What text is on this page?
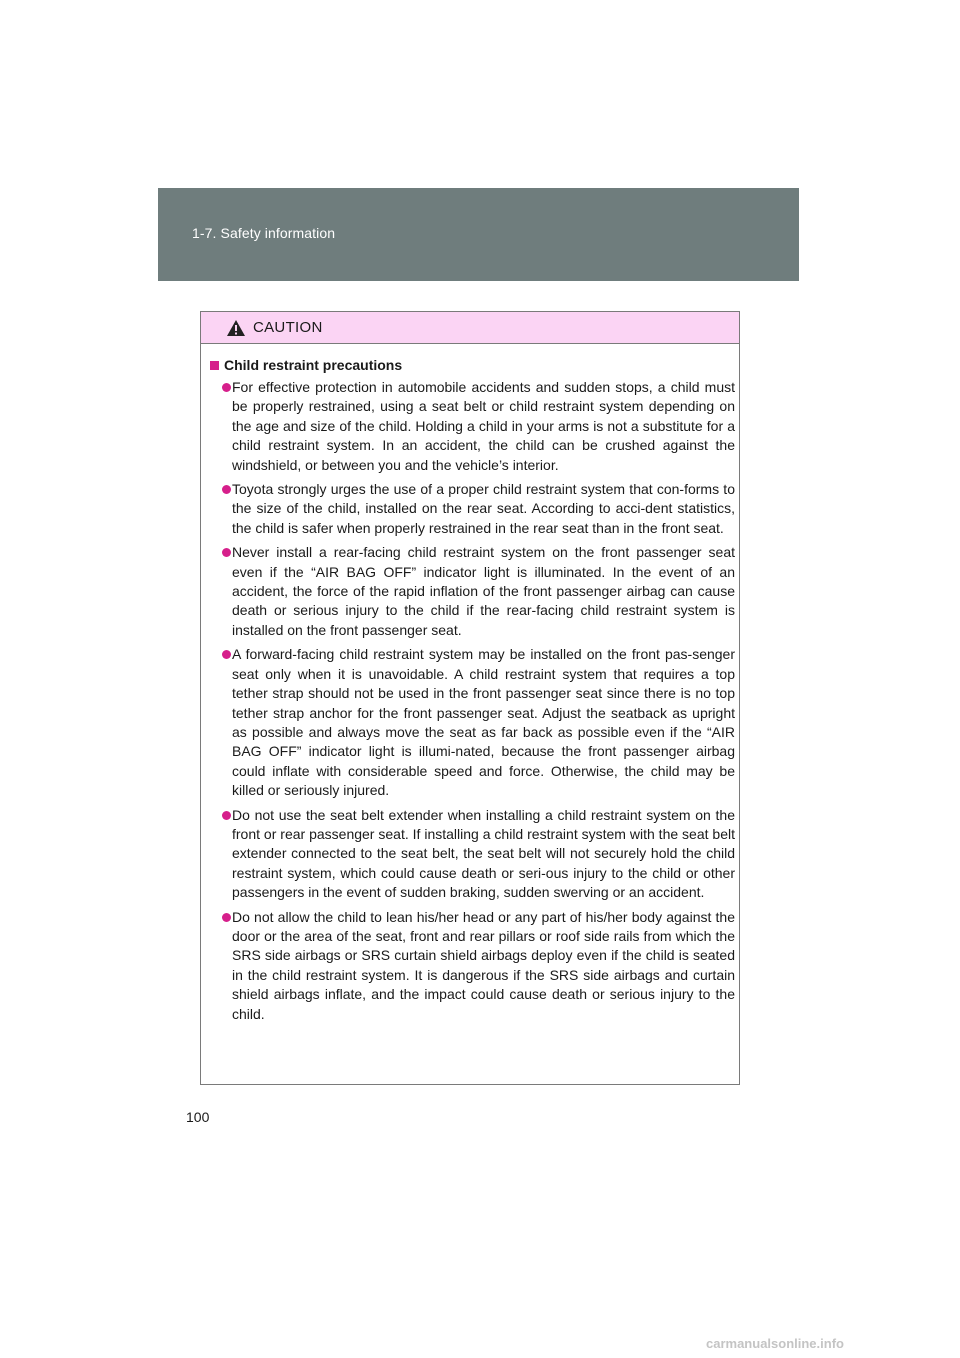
1-7. Safety information
CAUTION
Child restraint precautions
For effective protection in automobile accidents and sudden stops, a child must be properly restrained, using a seat belt or child restraint system depending on the age and size of the child. Holding a child in your arms is not a substitute for a child restraint system. In an accident, the child can be crushed against the windshield, or between you and the vehicle’s interior.
Toyota strongly urges the use of a proper child restraint system that con-forms to the size of the child, installed on the rear seat. According to acci-dent statistics, the child is safer when properly restrained in the rear seat than in the front seat.
Never install a rear-facing child restraint system on the front passenger seat even if the “AIR BAG OFF” indicator light is illuminated. In the event of an accident, the force of the rapid inflation of the front passenger airbag can cause death or serious injury to the child if the rear-facing child restraint system is installed on the front passenger seat.
A forward-facing child restraint system may be installed on the front pas-senger seat only when it is unavoidable. A child restraint system that requires a top tether strap should not be used in the front passenger seat since there is no top tether strap anchor for the front passenger seat. Adjust the seatback as upright as possible and always move the seat as far back as possible even if the “AIR BAG OFF” indicator light is illumi-nated, because the front passenger airbag could inflate with considerable speed and force. Otherwise, the child may be killed or seriously injured.
Do not use the seat belt extender when installing a child restraint system on the front or rear passenger seat. If installing a child restraint system with the seat belt extender connected to the seat belt, the seat belt will not securely hold the child restraint system, which could cause death or seri-ous injury to the child or other passengers in the event of sudden braking, sudden swerving or an accident.
Do not allow the child to lean his/her head or any part of his/her body against the door or the area of the seat, front and rear pillars or roof side rails from which the SRS side airbags or SRS curtain shield airbags deploy even if the child is seated in the child restraint system. It is dangerous if the SRS side airbags and curtain shield airbags inflate, and the impact could cause death or serious injury to the child.
100
carmanualsonline.info
